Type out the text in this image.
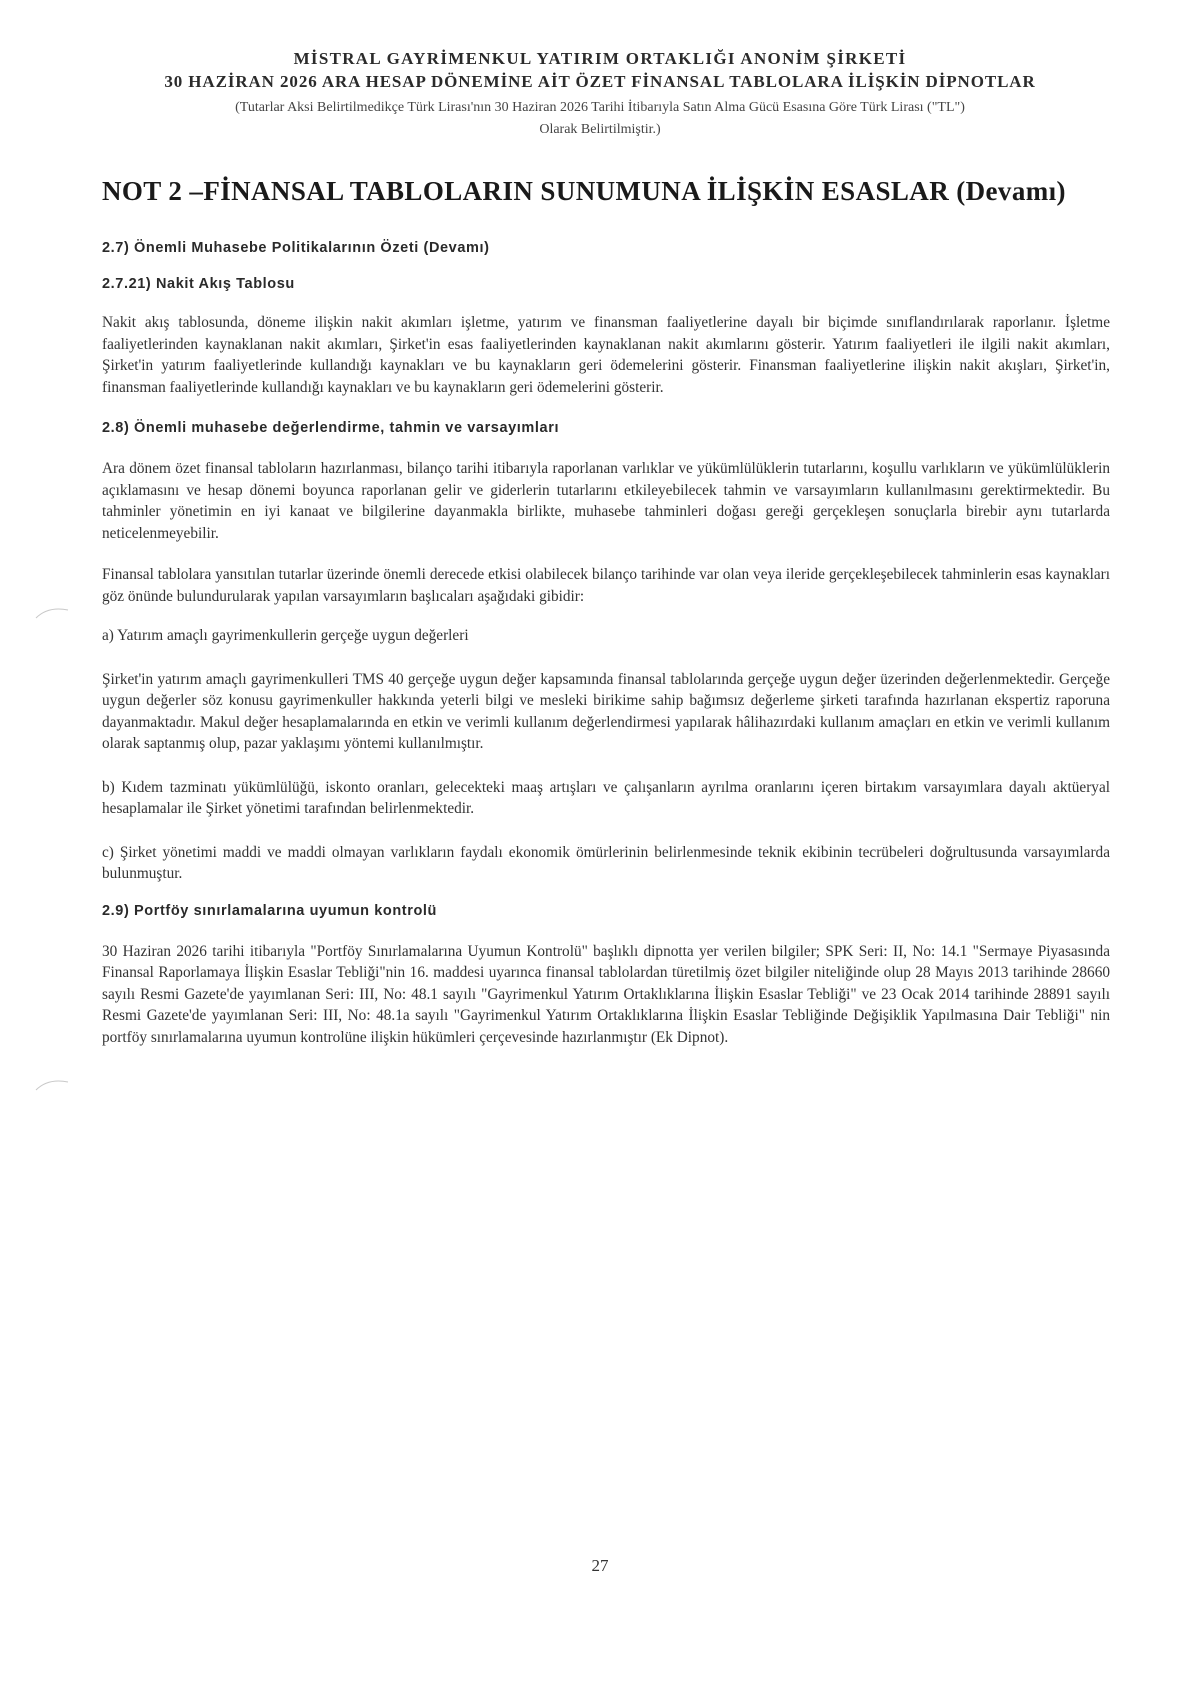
MİSTRAL GAYRİMENKUL YATIRIM ORTAKLIĞI ANONİM ŞİRKETİ
30 HAZİRAN 2026 ARA HESAP DÖNEMİNE AİT ÖZET FİNANSAL TABLOLARA İLİŞKİN DİPNOTLAR
(Tutarlar Aksi Belirtilmedikçe Türk Lirası'nın 30 Haziran 2026 Tarihi İtibarıyla Satın Alma Gücü Esasına Göre Türk Lirası ("TL")
Olarak Belirtilmiştir.)
NOT 2 –FİNANSAL TABLOLARIN SUNUMUNA İLİŞKİN ESASLAR (Devamı)
2.7) Önemli Muhasebe Politikalarının Özeti (Devamı)
2.7.21) Nakit Akış Tablosu

Nakit akış tablosunda, döneme ilişkin nakit akımları işletme, yatırım ve finansman faaliyetlerine dayalı bir biçimde sınıflandırılarak raporlanır. İşletme faaliyetlerinden kaynaklanan nakit akımları, Şirket'in esas faaliyetlerinden kaynaklanan nakit akımlarını gösterir. Yatırım faaliyetleri ile ilgili nakit akımları, Şirket'in yatırım faaliyetlerinde kullandığı kaynakları ve bu kaynakların geri ödemelerini gösterir. Finansman faaliyetlerine ilişkin nakit akışları, Şirket'in, finansman faaliyetlerinde kullandığı kaynakları ve bu kaynakların geri ödemelerini gösterir.

2.8) Önemli muhasebe değerlendirme, tahmin ve varsayımları

Ara dönem özet finansal tabloların hazırlanması, bilanço tarihi itibarıyla raporlanan varlıklar ve yükümlülüklerin tutarlarını, koşullu varlıkların ve yükümlülüklerin açıklamasını ve hesap dönemi boyunca raporlanan gelir ve giderlerin tutarlarını etkileyebilecek tahmin ve varsayımların kullanılmasını gerektirmektedir. Bu tahminler yönetimin en iyi kanaat ve bilgilerine dayanmakla birlikte, muhasebe tahminleri doğası gereği gerçekleşen sonuçlarla birebir aynı tutarlarda neticelenmeyebilir.

Finansal tablolara yansıtılan tutarlar üzerinde önemli derecede etkisi olabilecek bilanço tarihinde var olan veya ileride gerçekleşebilecek tahminlerin esas kaynakları göz önünde bulundurularak yapılan varsayımların başlıcaları aşağıdaki gibidir:

a) Yatırım amaçlı gayrimenkullerin gerçeğe uygun değerleri

Şirket'in yatırım amaçlı gayrimenkulleri TMS 40 gerçeğe uygun değer kapsamında finansal tablolarında gerçeğe uygun değer üzerinden değerlenmektedir. Gerçeğe uygun değerler söz konusu gayrimenkuller hakkında yeterli bilgi ve mesleki birikime sahip bağımsız değerleme şirketi tarafında hazırlanan ekspertiz raporuna dayanmaktadır. Makul değer hesaplamalarında en etkin ve verimli kullanım değerlendirmesi yapılarak hâlihazırdaki kullanım amaçları en etkin ve verimli kullanım olarak saptanmış olup, pazar yaklaşımı yöntemi kullanılmıştır.

b) Kıdem tazminatı yükümlülüğü, iskonto oranları, gelecekteki maaş artışları ve çalışanların ayrılma oranlarını içeren birtakım varsayımlara dayalı aktüeryal hesaplamalar ile Şirket yönetimi tarafından belirlenmektedir.

c) Şirket yönetimi maddi ve maddi olmayan varlıkların faydalı ekonomik ömürlerinin belirlenmesinde teknik ekibinin tecrübeleri doğrultusunda varsayımlarda bulunmuştur.

2.9) Portföy sınırlamalarına uyumun kontrolü

30 Haziran 2026 tarihi itibarıyla "Portföy Sınırlamalarına Uyumun Kontrolü" başlıklı dipnotta yer verilen bilgiler; SPK Seri: II, No: 14.1 "Sermaye Piyasasında Finansal Raporlamaya İlişkin Esaslar Tebliği"nin 16. maddesi uyarınca finansal tablolardan türetilmiş özet bilgiler niteliğinde olup 28 Mayıs 2013 tarihinde 28660 sayılı Resmi Gazete'de yayımlanan Seri: III, No: 48.1 sayılı "Gayrimenkul Yatırım Ortaklıklarına İlişkin Esaslar Tebliği" ve 23 Ocak 2014 tarihinde 28891 sayılı Resmi Gazete'de yayımlanan Seri: III, No: 48.1a sayılı "Gayrimenkul Yatırım Ortaklıklarına İlişkin Esaslar Tebliğinde Değişiklik Yapılmasına Dair Tebliği" nin portföy sınırlamalarına uyumun kontrolüne ilişkin hükümleri çerçevesinde hazırlanmıştır (Ek Dipnot).

27
